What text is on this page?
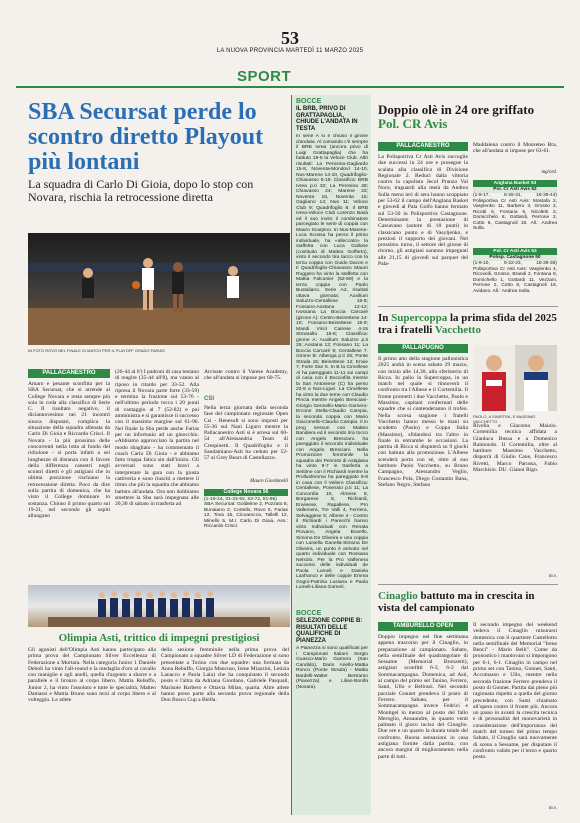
53
LA NUOVA PROVINCIA MARTEDÌ 11 MARZO 2025
SPORT
SBA Secursat perde lo scontro diretto Playout più lontani
La squadra di Carlo Di Gioia, dopo lo stop con Novara, rischia la retrocessione diretta
IN FOTO ROVO NEL FINALE DI MATCH PER IL PLAYOFF GRADO FARIAS
PALLACANESTRO
Amaro e pesante sconfitta per la SBA Secursat, che si arrende al College Novara e resta sempre più sola in coda alla classifica di Serie C. Il risultato negativo, il diciannovesimo nei 21 incontri sinora disputati, complica la situazione della squadra allenata da Carlo Di Gioia e Riccardo Crisci. Il Novara - la più prossima delle concorrenti nella lotta al fondo del ridiolone - si porta infatti a sei lunghezze di distanza con il favore della differenza canestri negli scontri diretti e gli astigiani che in ultima posizione rischiano la retrocessione diretta. Poco da dire sulla partita di domenica, che ha visto il College dominare in sostanza. Chiuso il primo quarto sul 19-21, nel secondo gli ospiti allungano
(26-44 al 6') I padroni di casa tentano di reagire (35-44 all'8), ma vanno al riposo in ritardo per 33-52. Alla ripresa il Novara parte forte (33-59) e termina la frazione sul 53-76 - nell'ultimo periodo tocca i 20 punti di vantaggio al 7 (52-82) e poi amministra e si garantisce il successo con il massimo margine sul 61-96. Nel finale la Sba perde anche Farias per un infortunio ad un ginocchio. «Abbiamo approcciato la partita nel modo sbagliato - ha commentato il coach Carlo Di Gioia - e abbiamo fatto troppa fatica sin dall'inizio. Gli avversari sono stati bravi a interpretare la gara con la giusta cattiveria e sono riusciti a mettere il ritmo che più la squadra che abbiamo battuto all'andata. Ora non dobbiamo smettere la Sba sarà impegnata alle 20,30 di sabato in trasferta ad
Arcisate contro il Varese Academy, che all'andata si impose per 60-75.
CSI
Nella terza giornata della seconda fase del campionato regionale Open Csi - Renesoft si sono imposti per 55-36 sul Nani Liguro mentre la Pallacanestro Asti si è arresa sul 60-54 all'Alessandria Team di Crespinetti. Il Quadrifoglio e il Sandamiano-Asti ha ceduto per 52-57 ai Grey Bears di Castellazzo.
Mauro Giordanelli
College Novara 96
(1-19-24, 31-33-52, 53-72, 61-96)
SBA Secursat: Goldeline 2, Pozzato 8, Bunaiano 2, Cortello, Rovo 5, Farias 12, Tova 15, Cicoarocca, Tallelli 12, Minello 5, M.I. Carlo Di Gioia, Ass.: Riccardo Crisci.
Olimpia Asti, trittico di impegni prestigiosi
Gli agonisti dell'Olimpia Asti hanno partecipato alla prima prova del Campionato Silver Eccellenza di Federazione a Mortara. Nella categoria Junior 1 Daniele Deboli ha vinto l'all-round e la medaglia d'oro al cavallo con maniglie e agli anelli, quella d'argento a sbarre e a parallele e il bronzo al corpo libero. Mattia Rebuffo, Junior 2, ha vinto l'assoluto e tutte le specialità, Matteo Damassi e Mattia Bruno sono terzi al corpo libero e al volteggio. Le atlete
della sezione femminile nella prima prova del Campionato a squadre Silver LD di Federazione si sono presentate a Torino con due squadre: una formata da Anna Rebuffo, Giorgia Mancuso, Irene Miazzini, Letizia Lanacco e Paola Lala) che ha conquistato il secondo posto e l'altra da Adriana Giordano, Gabriele Pasquali, Marisole Barbero e Ottavia Milan, quarta. Altre atlete hanno preso parte alla seconda prova regionale della Don Bosco Cup a Biella.
BOCCE
IL BRB, PRIVO DI GRATTAPAGLIA, CHIUDE L'ANDATA IN TESTA
In serie A si è chiuso il girone d'andata. Al comando c'è sempre il BRB Ivrea (ancora privo di Luigi Grattapaglia) che ha battuto 19-5 la Veloce Club. Altri risultati: La Perosina-Gagliardo 15-8, Noventa-Mondovì 14-10, Nus-Marene 14-10, Quadrifoglio-Chiavasso 5-19. Classifica: BRB Ivrea p.ti 32; La Perosina 28; Chiavasso 24; Marene 23; Noventa 16, Noventa 15; Gagliano 14; Nus 11; Veloce Club 9; Quadrifoglio 8. Il BRB Ivrea-Veloce Club Lorenzo Basà ed il suo invito il combinatore parcegiato le serie di coppia con Mauro Scarpino. In Nus-Marene-Luca Scossa ha perso il primo individuale, ha «alleccato» la staffetta con Luca Gallone (costituito di Matteo Gofferto), vinto il secondo tira tacco con la terza coppia con Guido Dacon e Il Quadrifoglio-Chiavasso Mauro Ruggero ha vinto la staffetta con Mattia Falconier (52-59) e la terza coppia con Paolo Bustaliano. Serie A2, risultati ottava giornata: Auxilium Saluzzo-Centallese 16-8; Fossano-Aostana 12-12; Ivossana La Boccia Carcaré (girone A): Centro-Beinettese 14-10; Fossano-Beinettese 15-9; Mandi Vinci Cairese 4-15 Stroaraltu 16-8; Classifica: girone A: Auxilium Saluzzo p.ti 25; Aostana 12; Fossano 11; La Boccia Carcaré 9; Centallese 7. Girone B: Albenga p.ti 25; Ponte Strada 15; Beinettese 12; Envie 7; Forte San 5. In B la Cirvellese Al ha pareggiato 11-11 sui campi di casa con il Bocciofila mentre la San Antoniese (C) ha perso 22-8 a Nus-Liguri. La Cirvellese ha vinto la due terne con Claudio Pincia mentre Angelo Bresciani-Giorgio Gennello-Mario Garnero-Ercone Stella-Claudio Campia, la seconda coppia con Mario Giacomello-Claudio Campia. Il in prog nessun con Matteo Bandiera ed il secondo tira tocco con Angelo Bresciani. ha pareggiato il secondo individuale con Angelo Bresciani. Nella Promozione femminile la squadra dei Pennisti di Astigiana ha vinto 9-7 in trasferta a Settime con il Richiardi mentre la Prollusfemma ha pareggiato 8-8 in casa con il Veliero Classifica: Centallese, Ponessio p.ti 11; La Concordia 10, Almese 8, Borgarese 8, Richiardi, Envieese, Rapallese, Pro Vallemera, Tre Valli 4, Ferriera, Selvaggese 5; Albese 4 - Contro il Richiardi i Pareschi hanno vinto individuali con Renata Piovano, Angela Bovello, Simona De Oliveira e una coppia con Luisella Ganella-Simona De Oliveira, un punto è arrivato nel quarto individuale con Rossana Nelsolo. Per la Pro Valfenera successi delle individuali de Paola Lumeli e Daniela Lanfranco e delle coppie Emma Gogni-Patrizia Lusiana e Paola Lumeli-Liliana Garneti.
BOCCE
SELEZIONE COPPIE B: RISULTATI DELLE QUALIFICHE DI PIANEZZA
A Pianezza si sono qualificati per i Campionati Italiani Sergio Guasco-Mario Garnero (San Candido), Dario Ariello-Mattia Ronco (Ponte Strada) - Mattia Bardelli-Walter Bertramo (Pianezza) e Lilian-Bonifa (Novara).
Doppio olè in 24 ore griffato Pol. CR Avis
PALLACANESTRO
La Polisportiva Cr Asti Avis raccoglie due successi in 24 ore e prosegue la scalata alla classifica di Divisione Regionale 2. Reduci dalla vittoria contro la capolista Jecol Pranzo Val Noce, traguardi alla metà da Andrea Sulla meno ieri di sera hanno scoppiato per 53-62 il campo dell'Anglana Basket e giovedì al Pala Golfo hanno fermato sul 53-50 in Polisportiva Castagnone. Determinante la prestazione di Cassavano (autore di 18 punti) in classicano punto e di Vasyljenko, e preziosi il supporto dei giovani. Nel prossimo turno, il settore del girone di ritorno, gli astigiani saranno impegnati alle 21,15 di giovedì sul parquet del Pala-
Maddalena contro il Monreteo Bra, che all'andata si impose per 63-61.
mg/ord.
Anglana Basket 53
Pol. Cr Asti Avis 62
(1-9-17, 8-25-31, 18-39-44) Polisportiva Cr Asti Avis: Mostafa 2, Vasylenko 11, Barbero 3, Grosso 2, Ricotti 6, Fontana 5, Nicoletti 2, Domicchelo 8, Gottardi, Perrone 2, Cotto 6, Castagnoli 18. All.: Andrea Sulla.
Pol. Cr Asti Avis 53
Polisp. Castagnone 50
(1-9-10, 9-22-23, 18-39-36) Polisportiva Cr Asti Avis: Vasylenko 4, Ricovelli, Grosso, Brandi 2, Fontana 8, Domichello 1, Gottardi 11, Vezzani, Perrone 2, Cotto 8, Castagnoli 18, Avidano. All.: Andrea Sulla.
In Supercoppa la prima sfida del 2025 tra i fratelli Vacchetto
PALLAPUGNO
Il primo atto della stagione pallonistica 2025 andrà in scena sabato 29 marzo, con inizio alle 14,30, allo sferisterio di Ricca. In palio la Supercoppa, in un match nel quale si rinnoverà il confronto tra l'Albese e il Cortemilia. Il fronte prometti i due Vacchetto, Paolo e Massimo, capitani confermati delle squadre che si contenderanno il trofeo. Nella scorsa stagione i fratelli Vacchetto hanno messo le mani su scudetto (Paolo) e Coppa Italia (Massimo), sfidandosi tra l'altro in finale in entrambe le occasioni. La partita di Ricca si disputerà su 9 giochi con battuta alla promozione. L'Albese scenderà porta con sé, oltre al suo battitore Paolo Vacchetto, su Bruno Campagno, Alessandro Veglio, Francesco Pola, Diego Costantin Bana, Stefano Negro, Stefano
PAOLO, A SINISTRA, E MASSIMO VACCHETTO
Rivella e Giacomo Maiolo. Cortemilia tecnica affidata a Gianluca Bussa e a Domenico Raimondo. Il Cortemilia, oltre al battitore Massimo Vacchetto, disporrà di Giulio Cane, Francesco Rivetti, Marco Parussa, Fabio Marchisio. DU. Gianni Rigo.
m.v.
Cinaglio battuto ma in crescita in vista del campionato
TAMBURELLO OPEN
Doppio impegno nel fine settimana appena trascorso per il Cinaglio, in preparazione al campionato. Sabato, nella semifinale del quadrangolare di Sessame (Memorial Bronzetti), astigiani sconfitti 6-3, 6-2 dal Sommacampagna. Domenica, ad Asti, al campo del primo set Tanino, Ferrero, Santi, Ullo e Bellussi. Nel secondo parziale Gonnet prendeva il posto di Ferrero. Sabato, per il Sommacampagna invece Fedrici e Montigel in mezzo al posto del fallo Meroglio, Ansaundre, in quanto venti palmato il gioco inciso del Cinaglio. Due ore e un quarto la durata totale del confronto. Buona sensazioni in casa astigiana fornite dalla partita, con ancora margini di miglioramento nella parte di tutti.
Il secondo impegno del weekend vedeva il Cinaglio misurarsi domenica con il quartiere Castellotto nella semifinale del Memorial "Irene Benci" - Mario Belli". Come da pronostico i mantovani si impongono per 6-1, 6-1. Cinaglio in campo nel primo set con Tanino, Gonnet, Santi, Accomasso e Ullo, mentre nella seconda frazione Ferrero prendeva il posto di Gonnet. Partita dai pieno più ragionata rispetto a quella del giorno precedente, con Santi chiamato all'opera contro il fronte più. Ancora un passo in avanti la crescita tecnica e di personalità del monovarietà in considerazione dell'importanza del match del torneo del primo tempo Sabato, il Cinaglio sarà nuovamente di scena a Sessame, per disputare il confronto valido per il terzo e quarto posto.
m.v.
